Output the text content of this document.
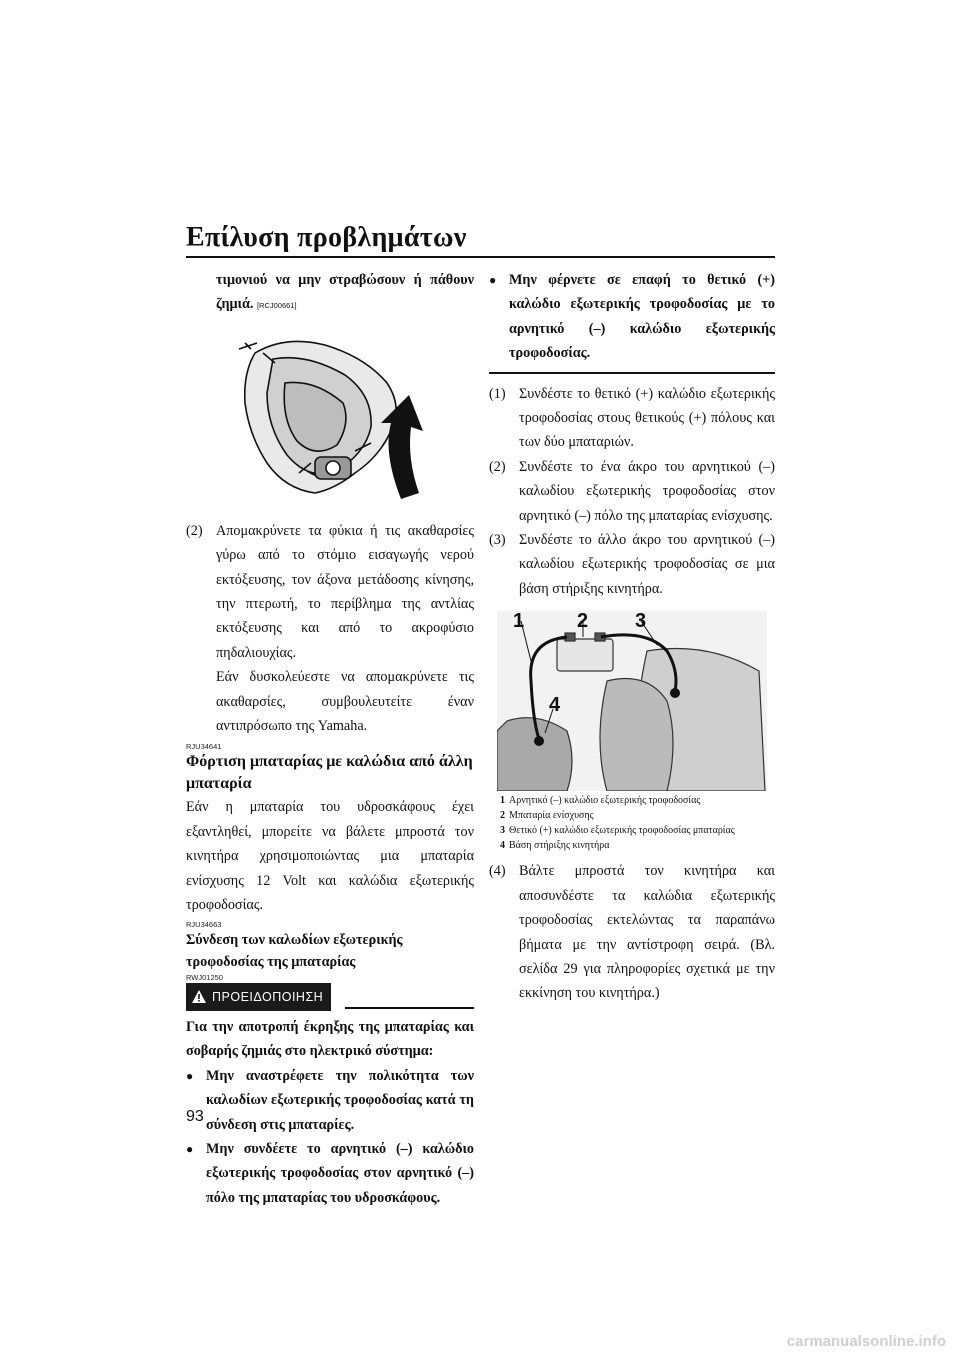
Επίλυση προβλημάτων
τιμονιού να μην στραβώσουν ή πάθουν ζημιά. [RCJ00661]
(2) Απομακρύνετε τα φύκια ή τις ακαθαρσίες γύρω από το στόμιο εισαγωγής νερού εκτόξευσης, τον άξονα μετάδοσης κίνησης, την πτερωτή, το περίβλημα της αντλίας εκτόξευσης και από το ακροφύσιο πηδαλιουχίας.
Εάν δυσκολεύεστε να απομακρύνετε τις ακαθαρσίες, συμβουλευτείτε έναν αντιπρόσωπο της Yamaha.
RJU34641
Φόρτιση μπαταρίας με καλώδια από άλλη μπαταρία
Εάν η μπαταρία του υδροσκάφους έχει εξαντληθεί, μπορείτε να βάλετε μπροστά τον κινητήρα χρησιμοποιώντας μια μπαταρία ενίσχυσης 12 Volt και καλώδια εξωτερικής τροφοδοσίας.
RJU34663
Σύνδεση των καλωδίων εξωτερικής τροφοδοσίας της μπαταρίας
RWJ01250
ΠΡΟΕΙΔΟΠΟΙΗΣΗ
Για την αποτροπή έκρηξης της μπαταρίας και σοβαρής ζημιάς στο ηλεκτρικό σύστημα:
● Μην αναστρέφετε την πολικότητα των καλωδίων εξωτερικής τροφοδοσίας κατά τη σύνδεση στις μπαταρίες.
● Μην συνδέετε το αρνητικό (–) καλώδιο εξωτερικής τροφοδοσίας στον αρνητικό (–) πόλο της μπαταρίας του υδροσκάφους.
● Μην φέρνετε σε επαφή το θετικό (+) καλώδιο εξωτερικής τροφοδοσίας με το αρνητικό (–) καλώδιο εξωτερικής τροφοδοσίας.
(1) Συνδέστε το θετικό (+) καλώδιο εξωτερικής τροφοδοσίας στους θετικούς (+) πόλους και των δύο μπαταριών.
(2) Συνδέστε το ένα άκρο του αρνητικού (–) καλωδίου εξωτερικής τροφοδοσίας στον αρνητικό (–) πόλο της μπαταρίας ενίσχυσης.
(3) Συνδέστε το άλλο άκρο του αρνητικού (–) καλωδίου εξωτερικής τροφοδοσίας σε μια βάση στήριξης κινητήρα.
1	2 3
4
1 Αρνητικό (–) καλώδιο εξωτερικής τροφοδοσίας
2 Μπαταρία ενίσχυσης
3 Θετικό (+) καλώδιο εξωτερικής τροφοδοσίας μπαταρίας
4 Βάση στήριξης κινητήρα
(4) Βάλτε μπροστά τον κινητήρα και αποσυνδέστε τα καλώδια εξωτερικής τροφοδοσίας εκτελώντας τα παραπάνω βήματα με την αντίστροφη σειρά. (Βλ. σελίδα 29 για πληροφορίες σχετικά με την εκκίνηση του κινητήρα.)
93
carmanualsonline.info
